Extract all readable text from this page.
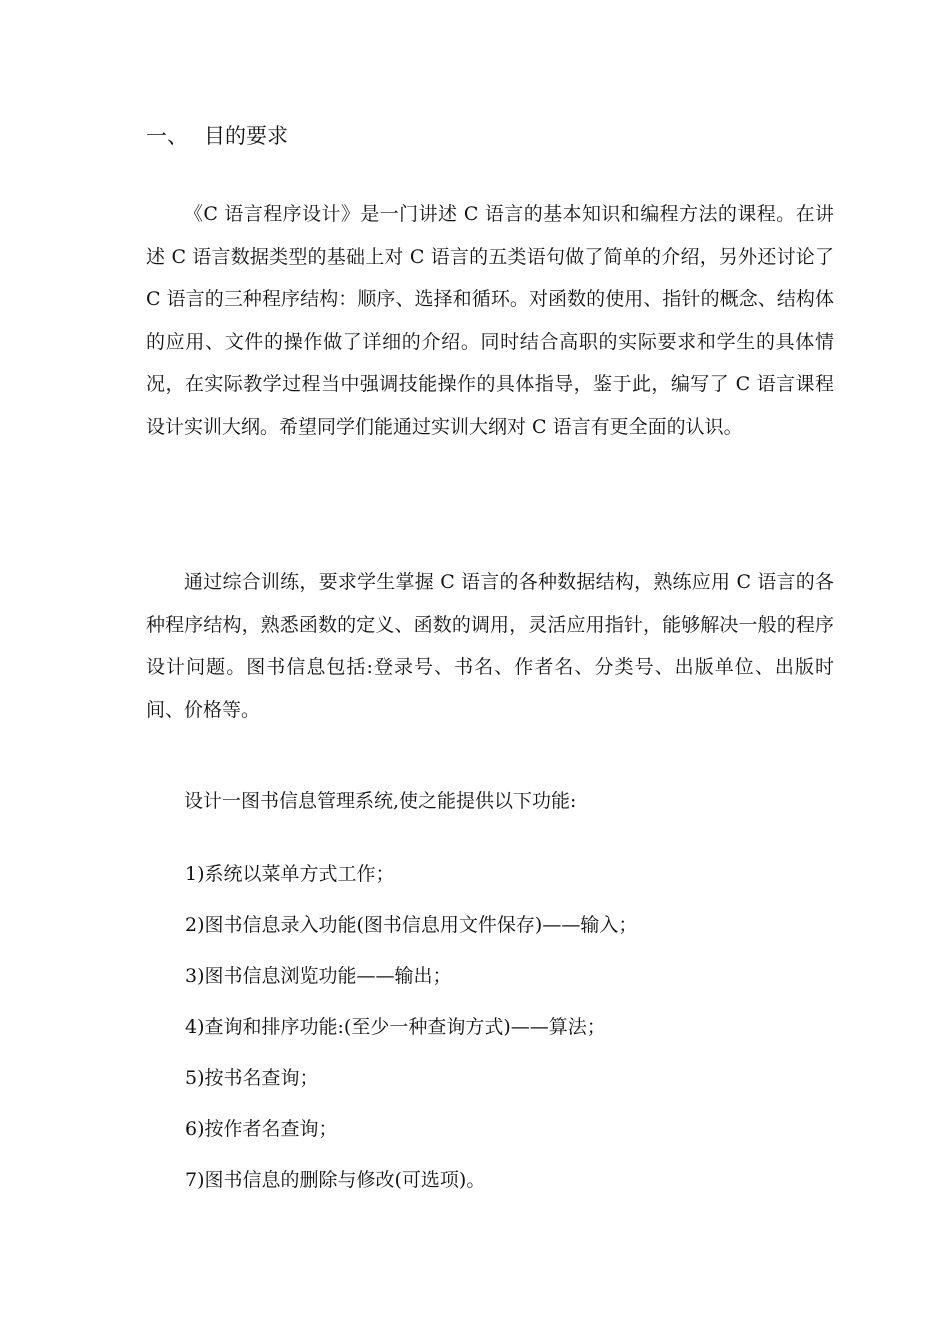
一、 目的要求

《C 语言程序设计》是一门讲述 C 语言的基本知识和编程方法的课程。在讲述 C 语言数据类型的基础上对 C 语言的五类语句做了简单的介绍，另外还讨论了 C 语言的三种程序结构：顺序、选择和循环。对函数的使用、指针的概念、结构体的应用、文件的操作做了详细的介绍。同时结合高职的实际要求和学生的具体情况，在实际教学过程当中强调技能操作的具体指导，鉴于此，编写了 C 语言课程设计实训大纲。希望同学们能通过实训大纲对 C 语言有更全面的认识。

通过综合训练，要求学生掌握 C 语言的各种数据结构，熟练应用 C 语言的各种程序结构，熟悉函数的定义、函数的调用，灵活应用指针，能够解决一般的程序设计问题。图书信息包括:登录号、书名、作者名、分类号、出版单位、出版时间、价格等。

设计一图书信息管理系统,使之能提供以下功能:

1)系统以菜单方式工作；
2)图书信息录入功能(图书信息用文件保存)——输入；
3)图书信息浏览功能——输出；
4)查询和排序功能:(至少一种查询方式)——算法；
5)按书名查询；
6)按作者名查询；
7)图书信息的删除与修改(可选项)。
